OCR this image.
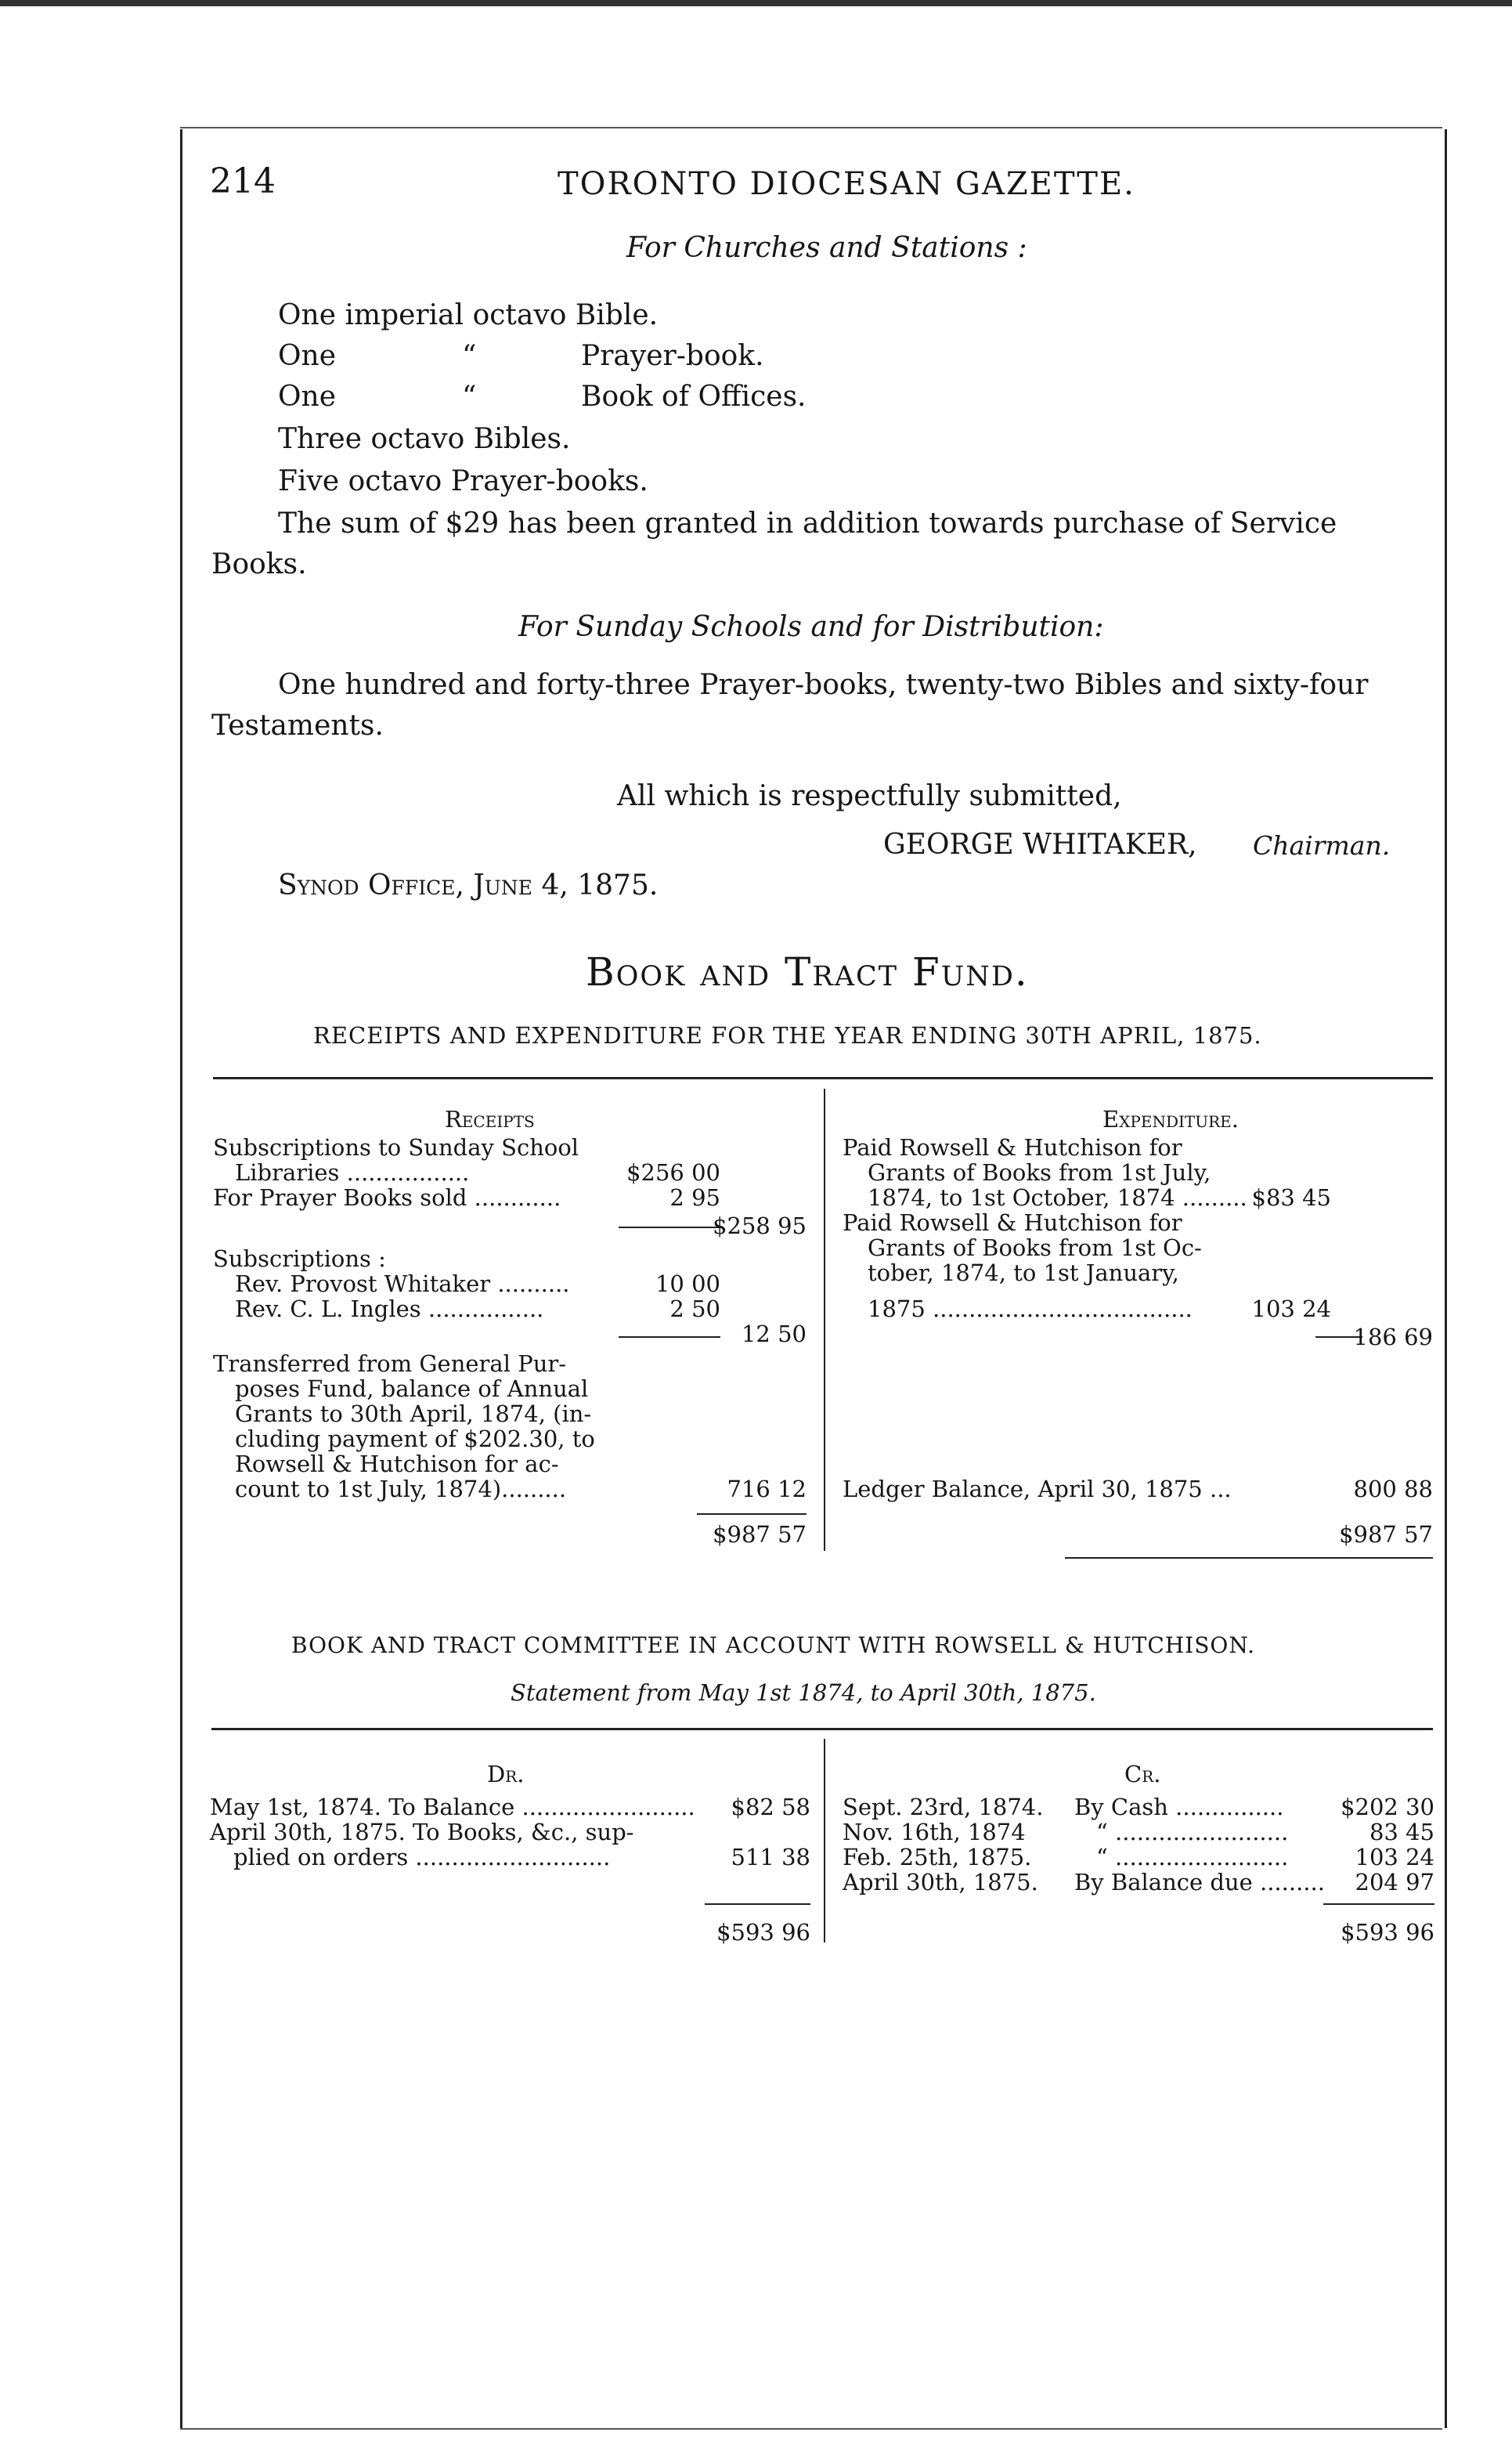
214	TORONTO DIOCESAN GAZETTE.
For Churches and Stations :
One imperial octavo Bible.
One	“	Prayer-book.
One	“	Book of Offices.
Three octavo Bibles.
Five octavo Prayer-books.
The sum of $29 has been granted in addition towards purchase of Service
Books.
For Sunday Schools and for Distribution:
One hundred and forty-three Prayer-books, twenty-two Bibles and sixty-four
Testaments.
All which is respectfully submitted,
GEORGE WHITAKER, Chairman.
Synod Office, June 4, 1875.
Book and Tract Fund.
RECEIPTS AND EXPENDITURE FOR THE YEAR ENDING 30TH APRIL, 1875.
Receipts	Expenditure.
Subscriptions to Sunday School
Libraries .................	$256 00
For Prayer Books sold ............	2 95
$258 95
Subscriptions :
Rev. Provost Whitaker ..........	10 00
Rev. C. L. Ingles ................	2 50
12 50
Transferred from General Pur-
poses Fund, balance of Annual
Grants to 30th April, 1874, (in-
cluding payment of $202.30, to
Rowsell & Hutchison for ac-
count to 1st July, 1874).........	716 12
$987 57
Paid Rowsell & Hutchison for
Grants of Books from 1st July,
1874, to 1st October, 1874 ......... $83 45
Paid Rowsell & Hutchison for
Grants of Books from 1st Oc-
tober, 1874, to 1st January,
1875 ....................................	103 24
186 69
Ledger Balance, April 30, 1875 ...	800 88
$987 57
BOOK AND TRACT COMMITTEE IN ACCOUNT WITH ROWSELL & HUTCHISON.
Statement from May 1st 1874, to April 30th, 1875.
Dr.	Cr.
May 1st, 1874. To Balance ........................	$82 58
April 30th, 1875. To Books, &c., sup-
plied on orders ...........................	511 38
$593 96
Sept. 23rd, 1874. By Cash ...............	$202 30
Nov. 16th, 1874	“ ........................	83 45
Feb. 25th, 1875.	“ ........................	103 24
April 30th, 1875. By Balance due .........	204 97
$593 96
